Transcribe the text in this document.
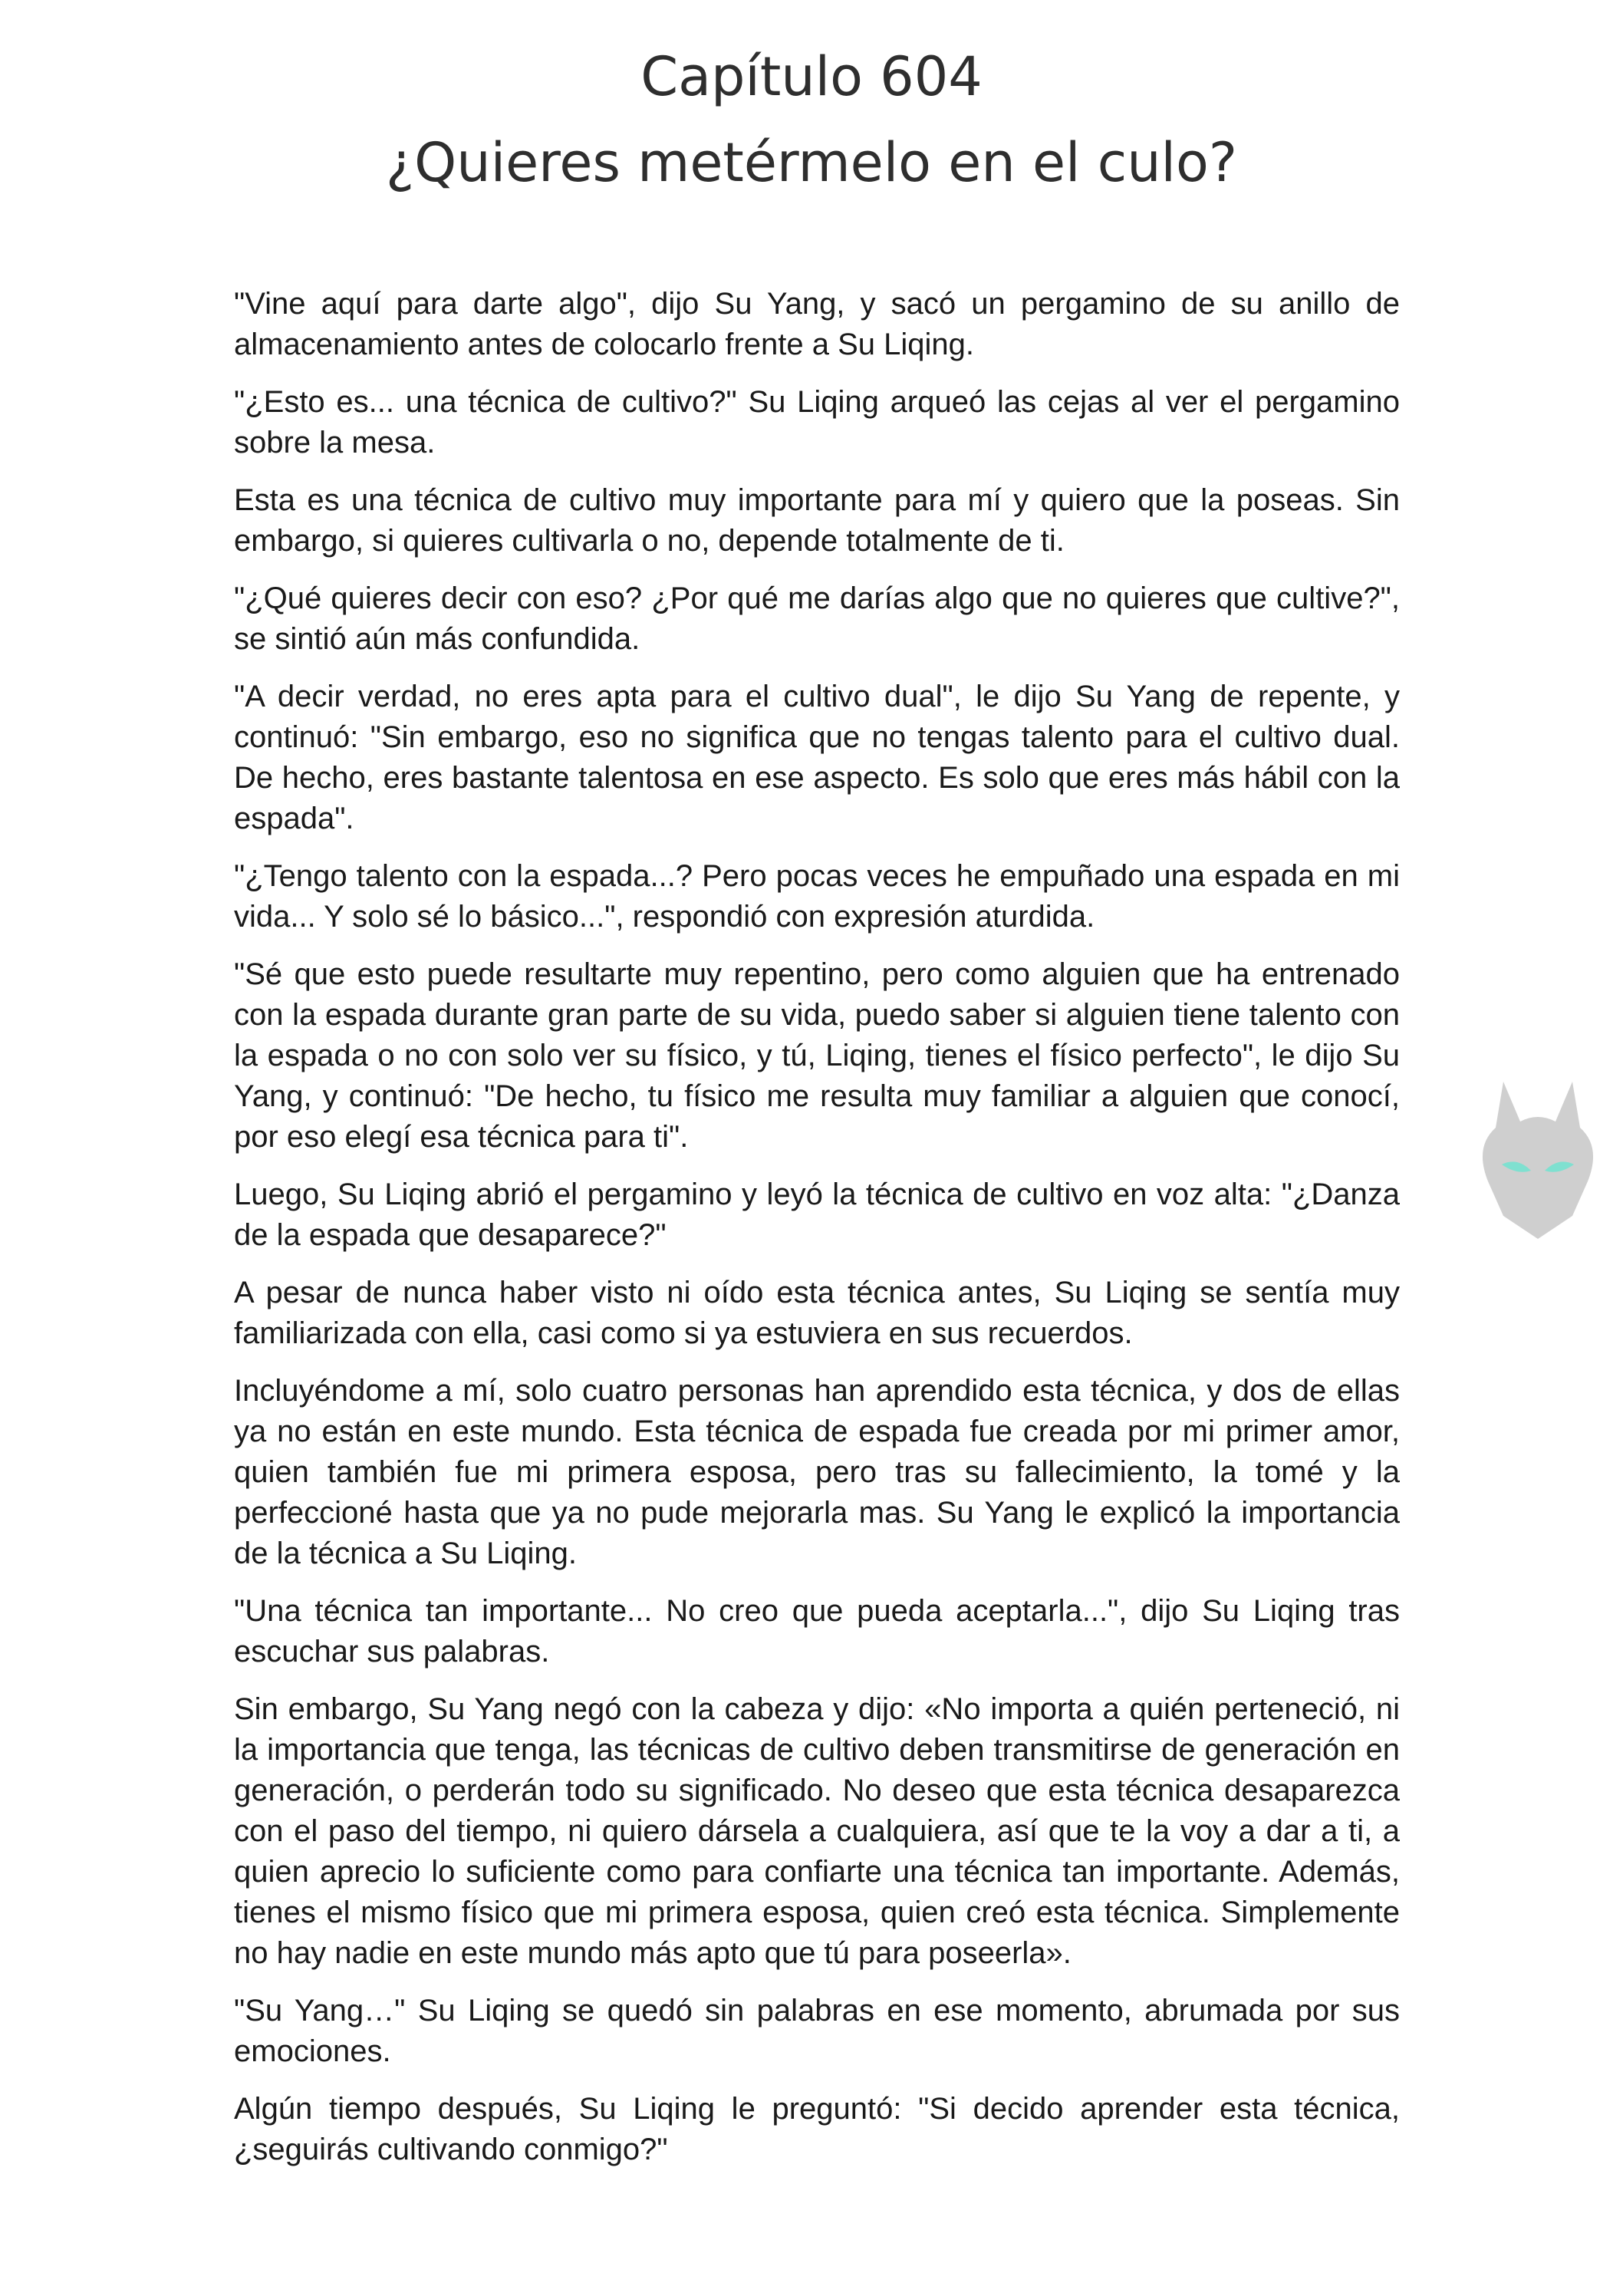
Capítulo 604
¿Quieres metérmelo en el culo?

"Vine aquí para darte algo", dijo Su Yang, y sacó un pergamino de su anillo de almacenamiento antes de colocarlo frente a Su Liqing.

"¿Esto es... una técnica de cultivo?" Su Liqing arqueó las cejas al ver el pergamino sobre la mesa.

Esta es una técnica de cultivo muy importante para mí y quiero que la poseas. Sin embargo, si quieres cultivarla o no, depende totalmente de ti.

"¿Qué quieres decir con eso? ¿Por qué me darías algo que no quieres que cultive?", se sintió aún más confundida.

"A decir verdad, no eres apta para el cultivo dual", le dijo Su Yang de repente, y continuó: "Sin embargo, eso no significa que no tengas talento para el cultivo dual. De hecho, eres bastante talentosa en ese aspecto. Es solo que eres más hábil con la espada".

"¿Tengo talento con la espada...? Pero pocas veces he empuñado una espada en mi vida... Y solo sé lo básico...", respondió con expresión aturdida.

"Sé que esto puede resultarte muy repentino, pero como alguien que ha entrenado con la espada durante gran parte de su vida, puedo saber si alguien tiene talento con la espada o no con solo ver su físico, y tú, Liqing, tienes el físico perfecto", le dijo Su Yang, y continuó: "De hecho, tu físico me resulta muy familiar a alguien que conocí, por eso elegí esa técnica para ti".

Luego, Su Liqing abrió el pergamino y leyó la técnica de cultivo en voz alta: "¿Danza de la espada que desaparece?"

A pesar de nunca haber visto ni oído esta técnica antes, Su Liqing se sentía muy familiarizada con ella, casi como si ya estuviera en sus recuerdos.

Incluyéndome a mí, solo cuatro personas han aprendido esta técnica, y dos de ellas ya no están en este mundo. Esta técnica de espada fue creada por mi primer amor, quien también fue mi primera esposa, pero tras su fallecimiento, la tomé y la perfeccioné hasta que ya no pude mejorarla mas. Su Yang le explicó la importancia de la técnica a Su Liqing.

"Una técnica tan importante... No creo que pueda aceptarla...", dijo Su Liqing tras escuchar sus palabras.

Sin embargo, Su Yang negó con la cabeza y dijo: «No importa a quién perteneció, ni la importancia que tenga, las técnicas de cultivo deben transmitirse de generación en generación, o perderán todo su significado. No deseo que esta técnica desaparezca con el paso del tiempo, ni quiero dársela a cualquiera, así que te la voy a dar a ti, a quien aprecio lo suficiente como para confiarte una técnica tan importante. Además, tienes el mismo físico que mi primera esposa, quien creó esta técnica. Simplemente no hay nadie en este mundo más apto que tú para poseerla».

"Su Yang…" Su Liqing se quedó sin palabras en ese momento, abrumada por sus emociones.

Algún tiempo después, Su Liqing le preguntó: "Si decido aprender esta técnica, ¿seguirás cultivando conmigo?"
